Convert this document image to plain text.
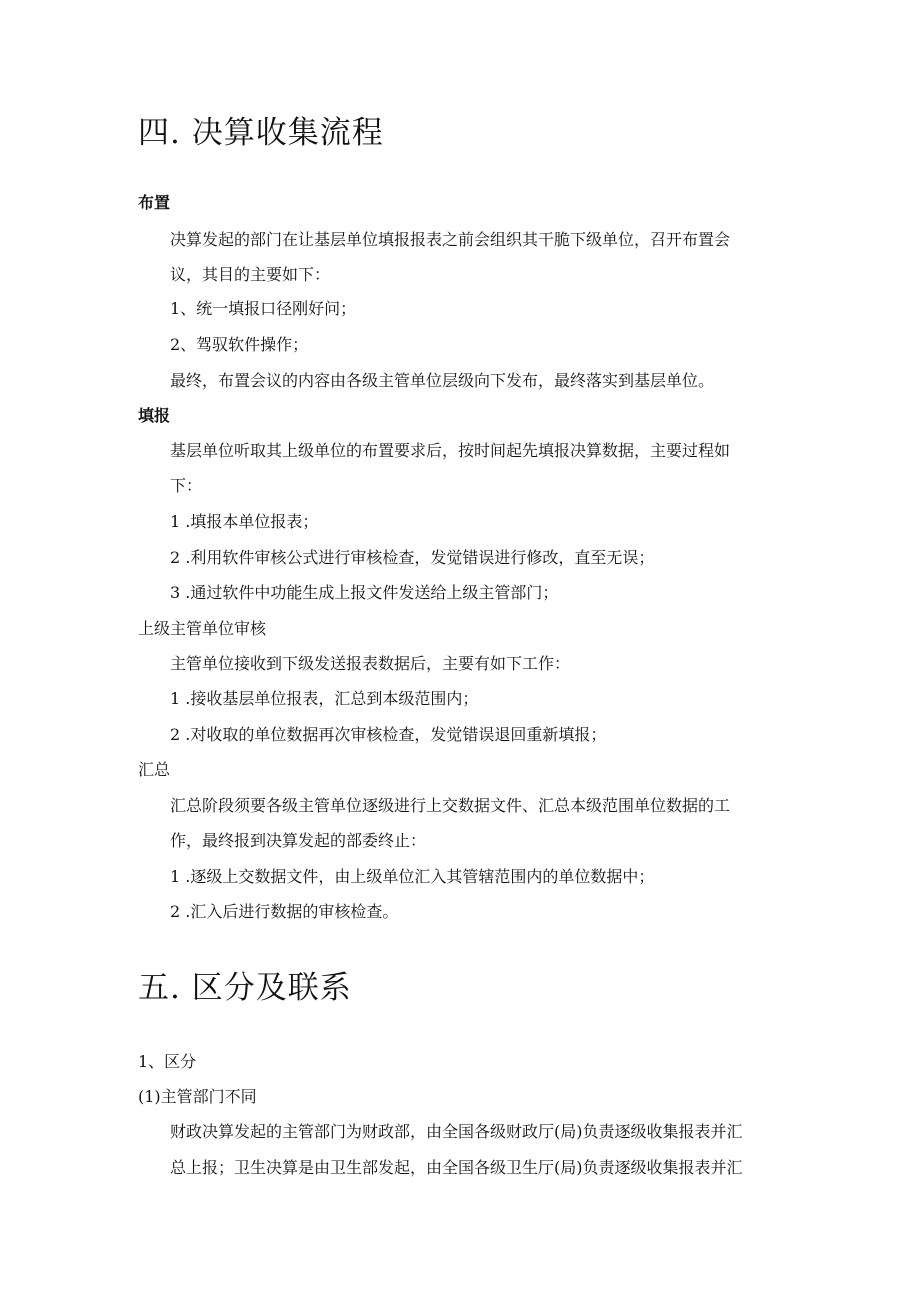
四. 决算收集流程
布置
决算发起的部门在让基层单位填报报表之前会组织其干脆下级单位，召开布置会
议，其目的主要如下：
1、统一填报口径刚好问；
2、驾驭软件操作；
最终，布置会议的内容由各级主管单位层级向下发布，最终落实到基层单位。
填报
基层单位听取其上级单位的布置要求后，按时间起先填报决算数据，主要过程如
下：
1 .填报本单位报表；
2 .利用软件审核公式进行审核检查，发觉错误进行修改，直至无误；
3 .通过软件中功能生成上报文件发送给上级主管部门；
上级主管单位审核
主管单位接收到下级发送报表数据后，主要有如下工作：
1 .接收基层单位报表，汇总到本级范围内；
2 .对收取的单位数据再次审核检查，发觉错误退回重新填报；
汇总
汇总阶段须要各级主管单位逐级进行上交数据文件、汇总本级范围单位数据的工
作，最终报到决算发起的部委终止：
1 .逐级上交数据文件，由上级单位汇入其管辖范围内的单位数据中；
2 .汇入后进行数据的审核检查。
五. 区分及联系
1、区分
(1)主管部门不同
财政决算发起的主管部门为财政部，由全国各级财政厅(局)负责逐级收集报表并汇
总上报；卫生决算是由卫生部发起，由全国各级卫生厅(局)负责逐级收集报表并汇
